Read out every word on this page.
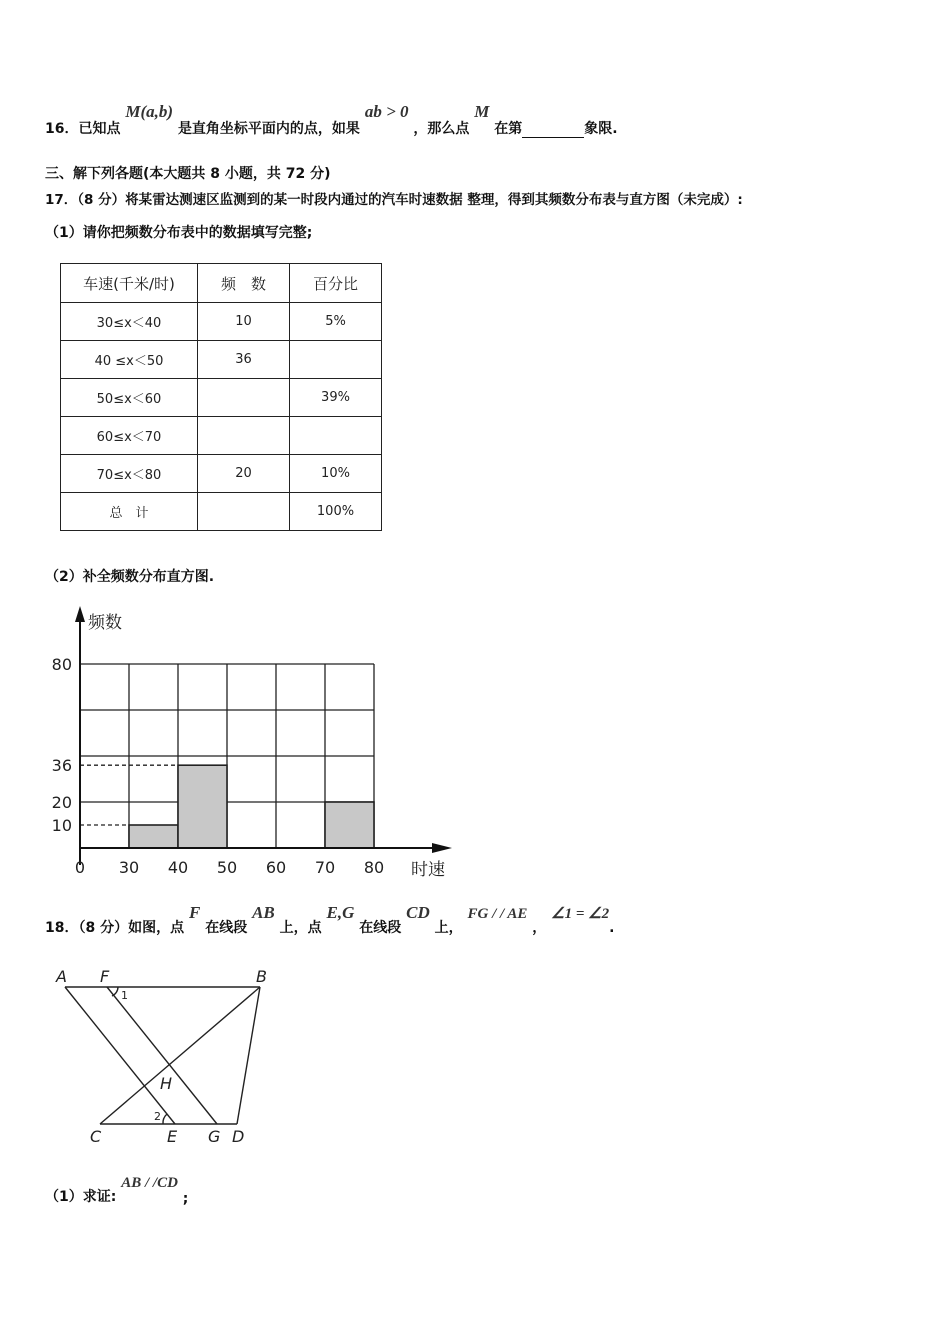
16．已知点 M(a,b) 是直角坐标平面内的点，如果 ab > 0 ，那么点 M 在第	象限.
三、解下列各题(本大题共 8 小题，共 72 分)
17．（8 分）将某雷达测速区监测到的某一时段内通过的汽车时速数据 整理，得到其频数分布表与直方图（未完成）:
（1）请你把频数分布表中的数据填写完整;
车速(千米/时)	频　数	百分比
30≤x＜40	10	5%
40 ≤x＜50	36	
50≤x＜60		39%
60≤x＜70		
70≤x＜80	20	10%
总　计		100%
（2）补全频数分布直方图.
0 30 40 50 60 70 80
10
20
36
80
频数
时速
18．（8 分）如图，点 F 在线段 AB 上，点 E,G 在线段 CD 上， FG / / AE ， ∠1 = ∠2.
A F	B
H
C	E G D
1
2
（1）求证: AB / /CD ;
